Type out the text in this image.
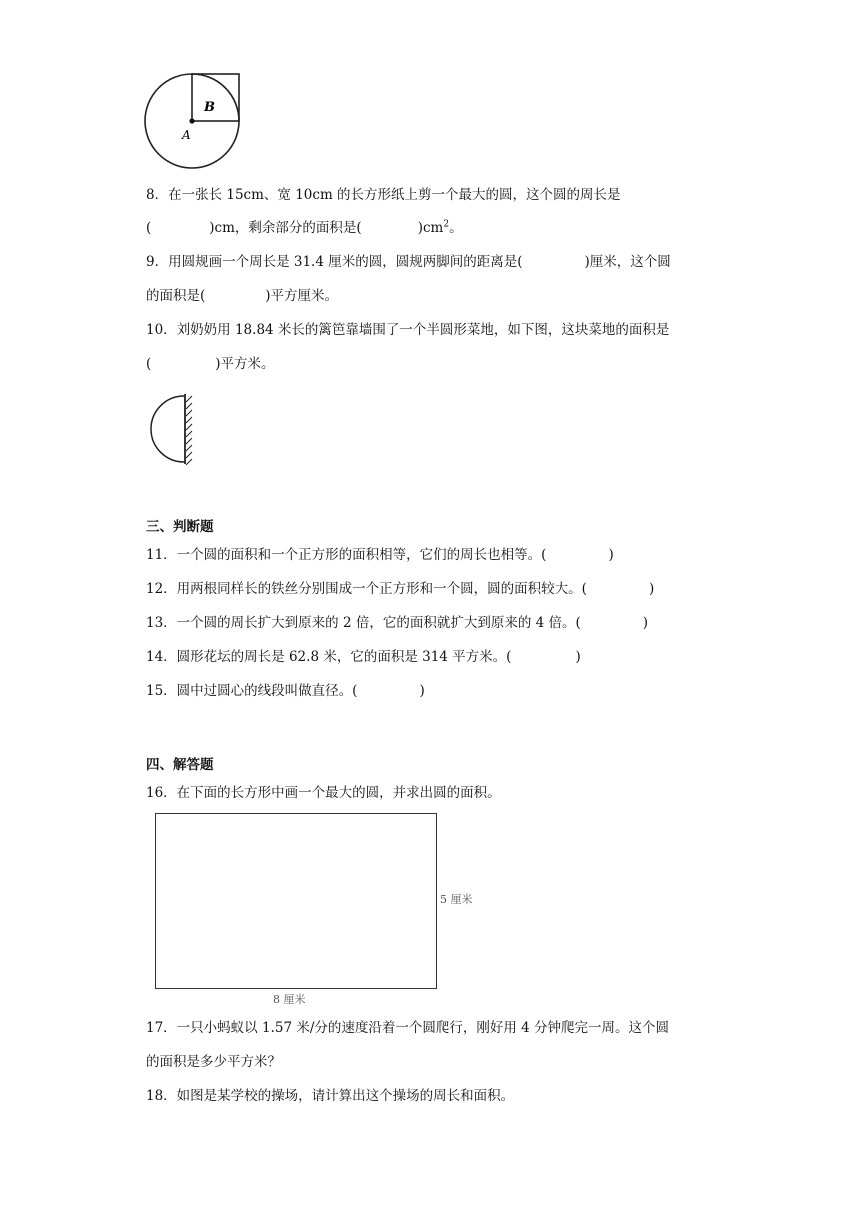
B
A
8．在一张长 15cm、宽 10cm 的长方形纸上剪一个最大的圆，这个圆的周长是
(	)cm，剩余部分的面积是(	)$cm^2$。
9．用圆规画一个周长是 31.4 厘米的圆，圆规两脚间的距离是(	)厘米，这个圆
的面积是(	)平方厘米。
10．刘奶奶用 18.84 米长的篱笆靠墙围了一个半圆形菜地，如下图，这块菜地的面积是
(	)平方米。
三、判断题
11．一个圆的面积和一个正方形的面积相等，它们的周长也相等。(	)
12．用两根同样长的铁丝分别围成一个正方形和一个圆，圆的面积较大。(	)
13．一个圆的周长扩大到原来的 2 倍，它的面积就扩大到原来的 4 倍。(	)
14．圆形花坛的周长是 62.8 米，它的面积是 314 平方米。(	)
15．圆中过圆心的线段叫做直径。(	)
四、解答题
16．在下面的长方形中画一个最大的圆，并求出圆的面积。
5 厘米
8 厘米
17．一只小蚂蚁以 1.57 米/分的速度沿着一个圆爬行，刚好用 4 分钟爬完一周。这个圆
的面积是多少平方米？
18．如图是某学校的操场，请计算出这个操场的周长和面积。
